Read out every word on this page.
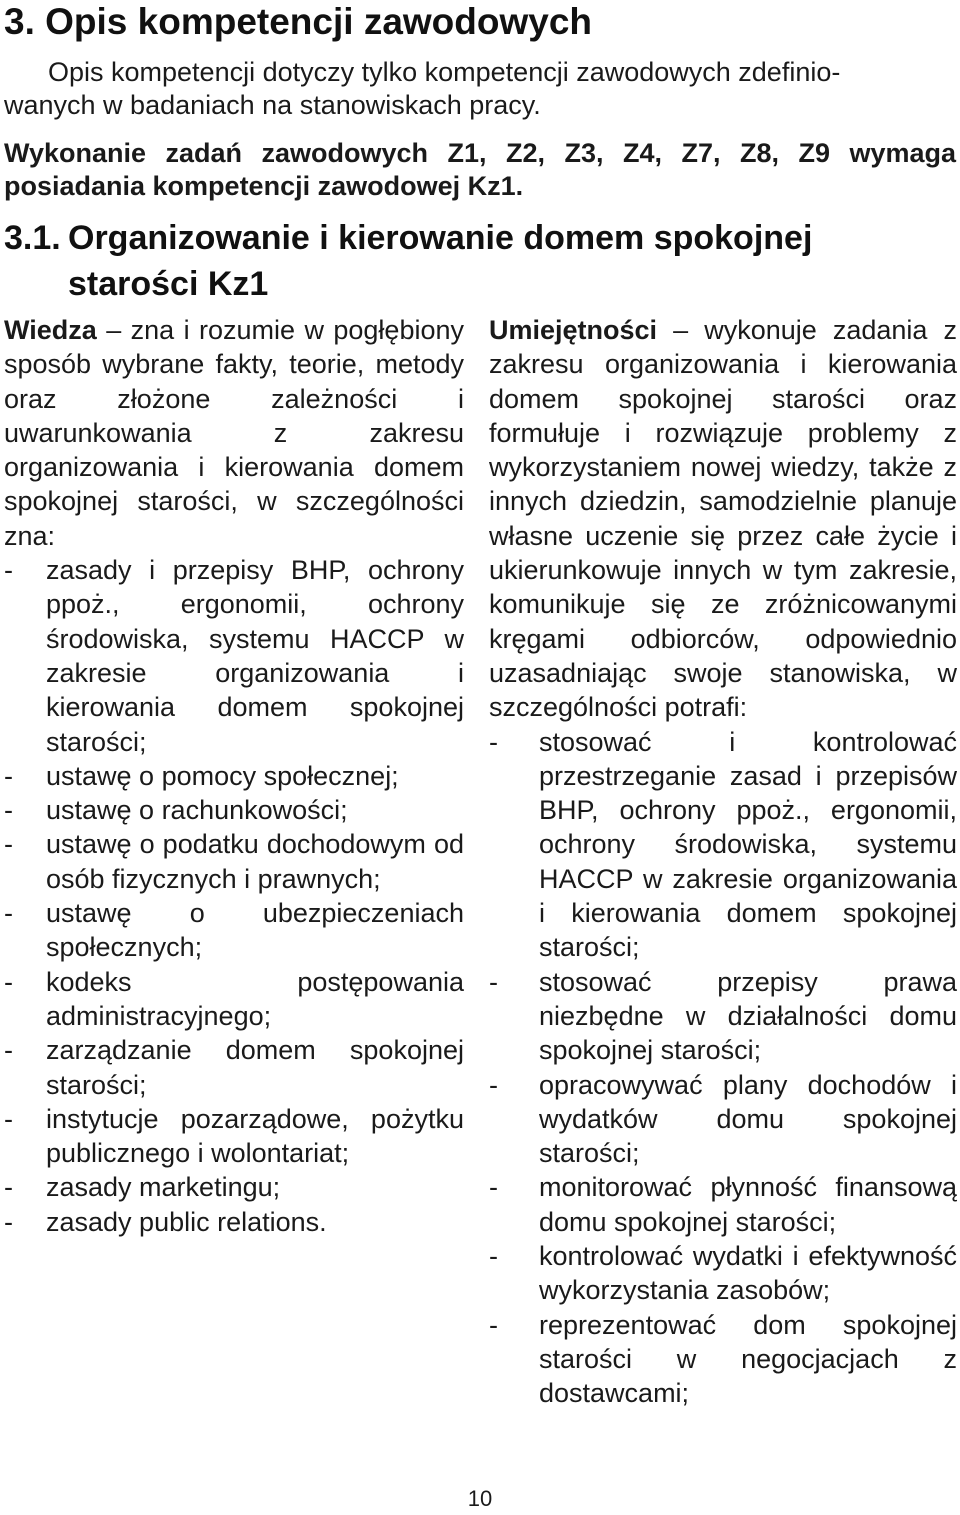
3. Opis kompetencji zawodowych
Opis kompetencji dotyczy tylko kompetencji zawodowych zdefinio-
wanych w badaniach na stanowiskach pracy.
Wykonanie zadań zawodowych Z1, Z2, Z3, Z4, Z7, Z8, Z9 wymaga
posiadania kompetencji zawodowej Kz1.
3.1. Organizowanie i kierowanie domem spokojnej
starości Kz1

Wiedza – zna i rozumie w pogłębiony sposób wybrane fakty, teorie, metody oraz złożone zależności i uwarunkowania z zakresu organizowania i kierowania domem spokojnej starości, w szczególności zna:

- zasady i przepisy BHP, ochrony ppoż., ergonomii, ochrony środowiska, systemu HACCP w zakresie organizowania i kierowania domem spokojnej starości;
- ustawę o pomocy społecznej;
- ustawę o rachunkowości;
- ustawę o podatku dochodowym od osób fizycznych i prawnych;
- ustawę o ubezpieczeniach społecznych;
- kodeks postępowania administracyjnego;
- zarządzanie domem spokojnej starości;
- instytucje pozarządowe, pożytku publicznego i wolontariat;
- zasady marketingu;
- zasady public relations.

Umiejętności – wykonuje zadania z zakresu organizowania i kierowania domem spokojnej starości oraz formułuje i rozwiązuje problemy z wykorzystaniem nowej wiedzy, także z innych dziedzin, samodzielnie planuje własne uczenie się przez całe życie i ukierunkowuje innych w tym zakresie, komunikuje się ze zróżnicowanymi kręgami odbiorców, odpowiednio uzasadniając swoje stanowiska, w szczególności potrafi:

- stosować i kontrolować przestrzeganie zasad i przepisów BHP, ochrony ppoż., ergonomii, ochrony środowiska, systemu HACCP w zakresie organizowania i kierowania domem spokojnej starości;
- stosować przepisy prawa niezbędne w działalności domu spokojnej starości;
- opracowywać plany dochodów i wydatków domu spokojnej starości;
- monitorować płynność finansową domu spokojnej starości;
- kontrolować wydatki i efektywność wykorzystania zasobów;
- reprezentować dom spokojnej starości w negocjacjach z dostawcami;
10
